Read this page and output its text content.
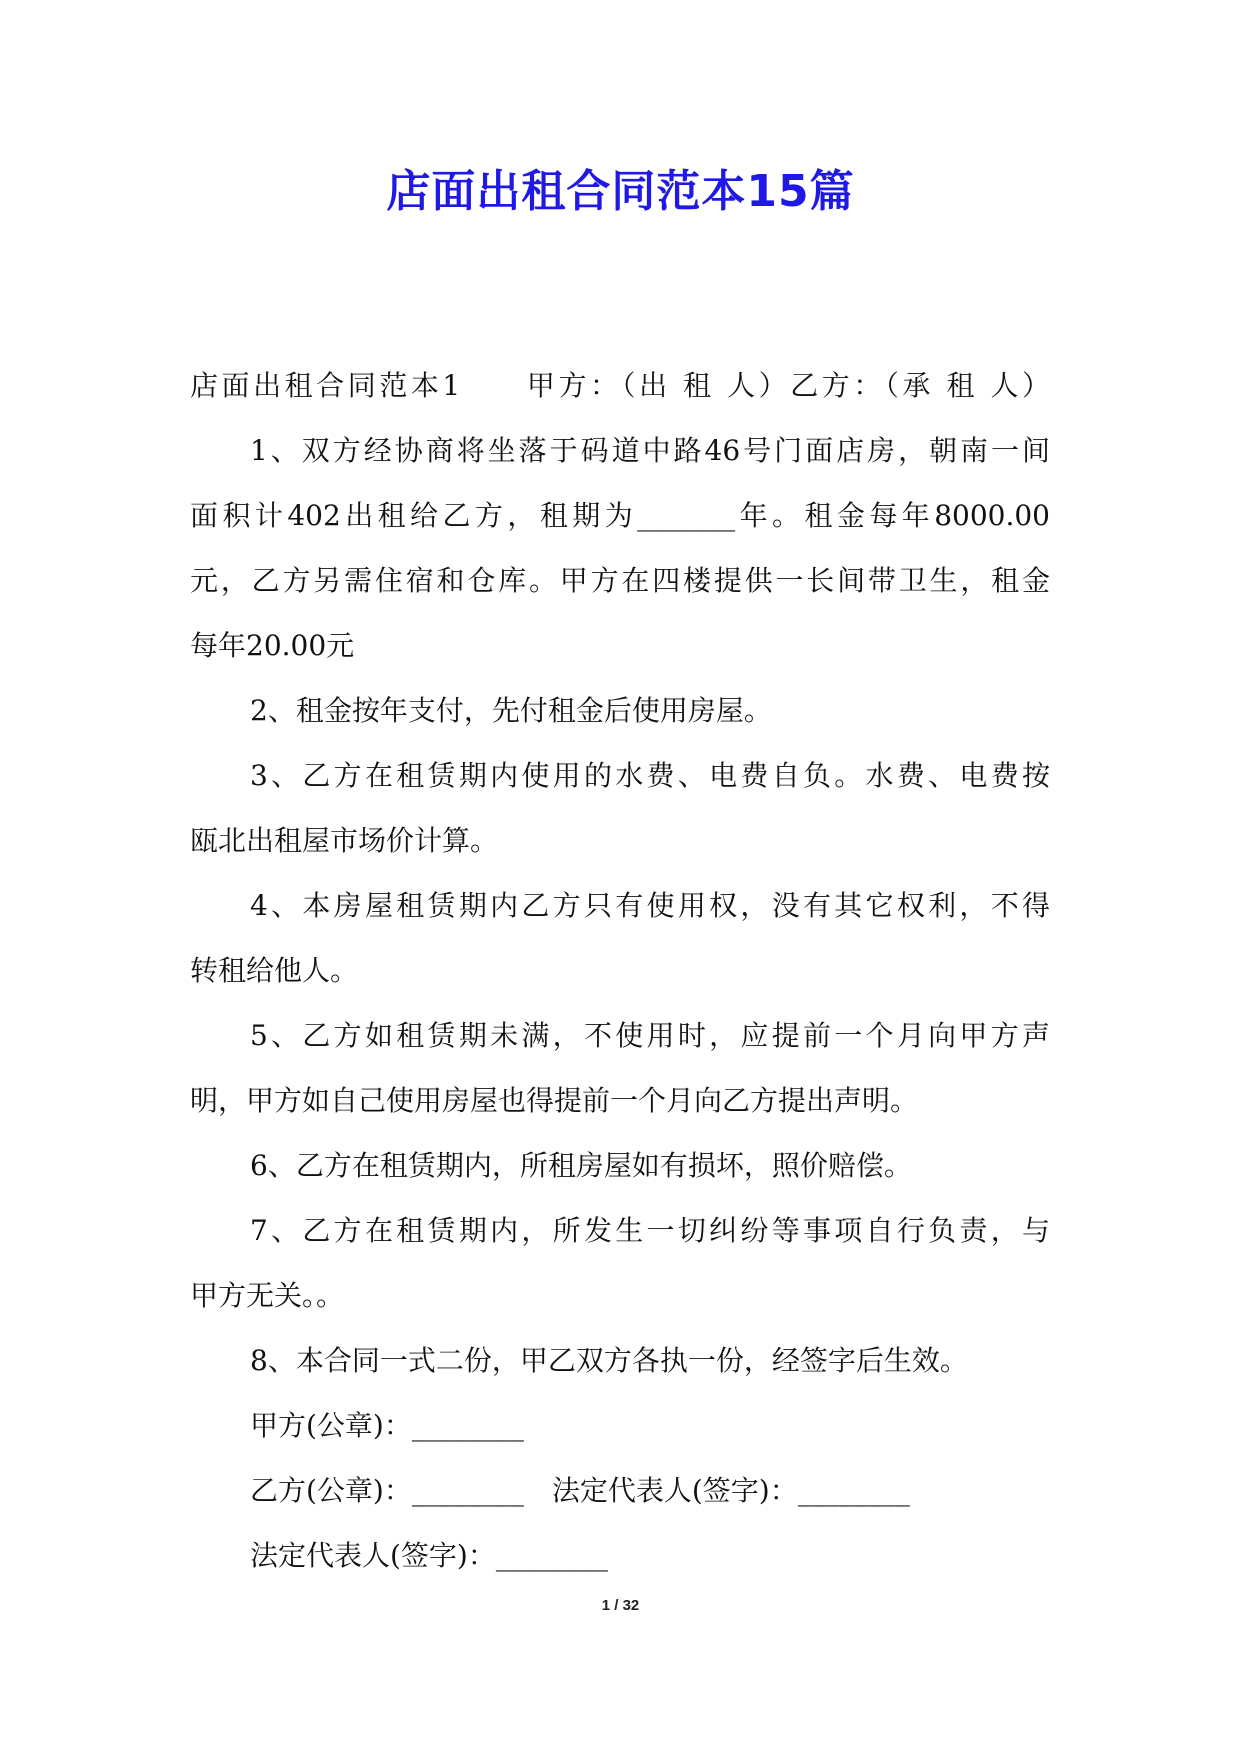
店面出租合同范本15篇
店面出租合同范本1　　甲方：（出 租 人）乙方：（承 租 人）
1、双方经协商将坐落于码道中路46号门面店房，朝南一间
面积计402出租给乙方，租期为_______年。租金每年8000.00
元，乙方另需住宿和仓库。甲方在四楼提供一长间带卫生，租金
每年20.00元
2、租金按年支付，先付租金后使用房屋。
3、乙方在租赁期内使用的水费、电费自负。水费、电费按
瓯北出租屋市场价计算。
4、本房屋租赁期内乙方只有使用权，没有其它权利，不得
转租给他人。
5、乙方如租赁期未满，不使用时，应提前一个月向甲方声
明，甲方如自己使用房屋也得提前一个月向乙方提出声明。
6、乙方在租赁期内，所租房屋如有损坏，照价赔偿。
7、乙方在租赁期内，所发生一切纠纷等事项自行负责，与
甲方无关。。
8、本合同一式二份，甲乙双方各执一份，经签字后生效。
甲方(公章)：________
乙方(公章)：________　法定代表人(签字)：________
法定代表人(签字)：________
1 / 32
